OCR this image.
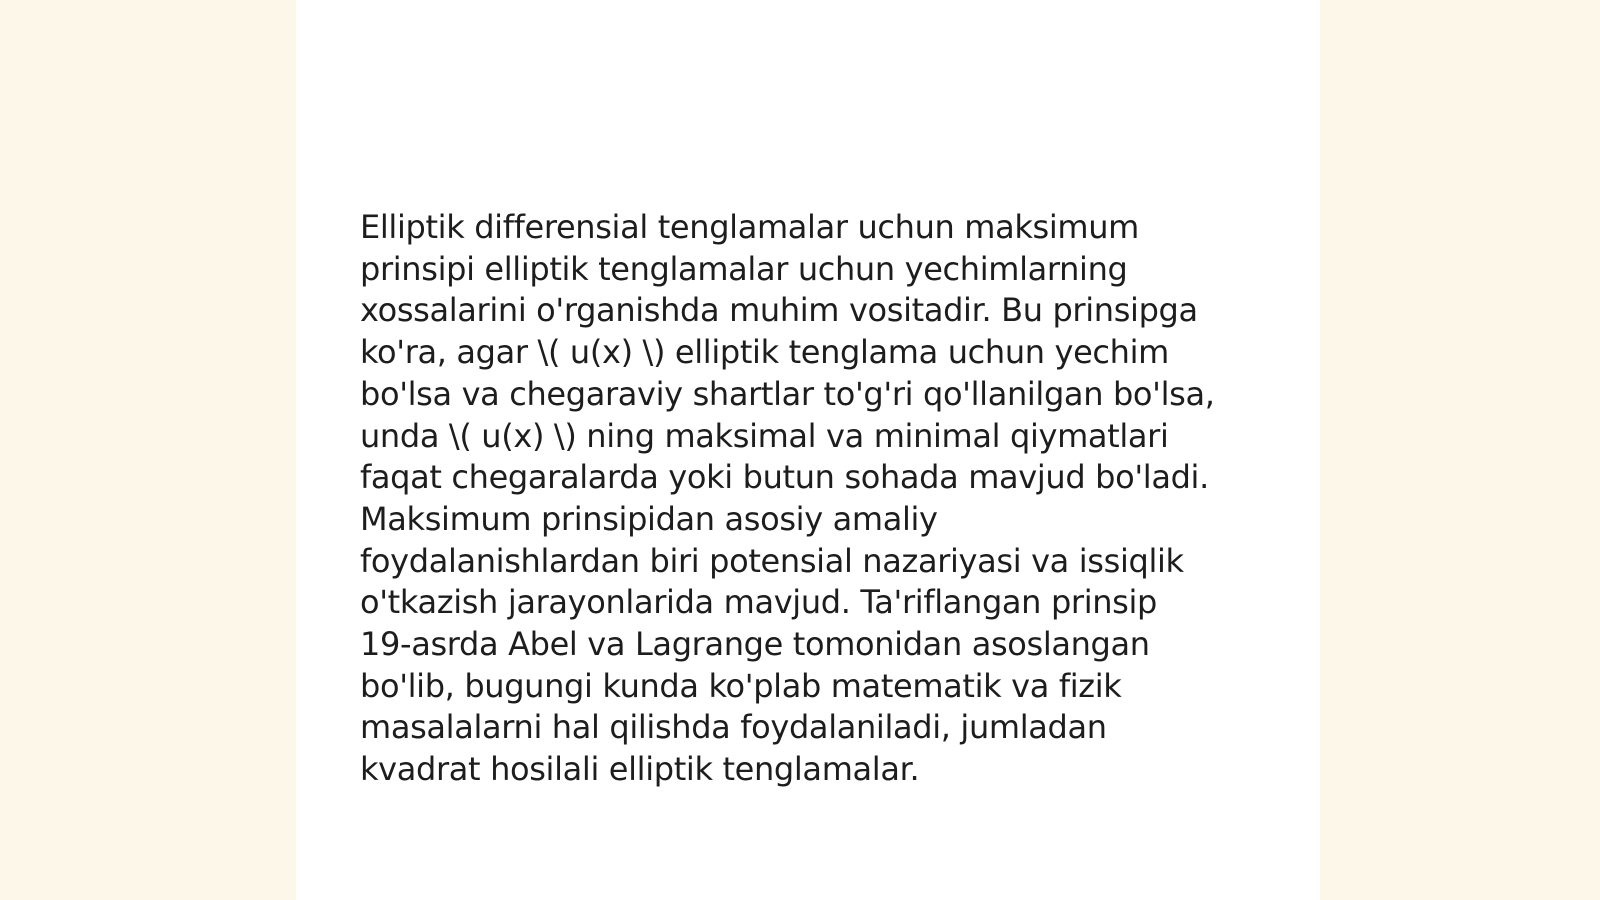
Elliptik differensial tenglamalar uchun maksimum
prinsipi elliptik tenglamalar uchun yechimlarning
xossalarini o'rganishda muhim vositadir. Bu prinsipga
ko'ra, agar \( u(x) \) elliptik tenglama uchun yechim
bo'lsa va chegaraviy shartlar to'g'ri qo'llanilgan bo'lsa,
unda \( u(x) \) ning maksimal va minimal qiymatlari
faqat chegaralarda yoki butun sohada mavjud bo'ladi.
Maksimum prinsipidan asosiy amaliy
foydalanishlardan biri potensial nazariyasi va issiqlik
o'tkazish jarayonlarida mavjud. Ta'riflangan prinsip
19-asrda Abel va Lagrange tomonidan asoslangan
bo'lib, bugungi kunda ko'plab matematik va fizik
masalalarni hal qilishda foydalaniladi, jumladan
kvadrat hosilali elliptik tenglamalar.
